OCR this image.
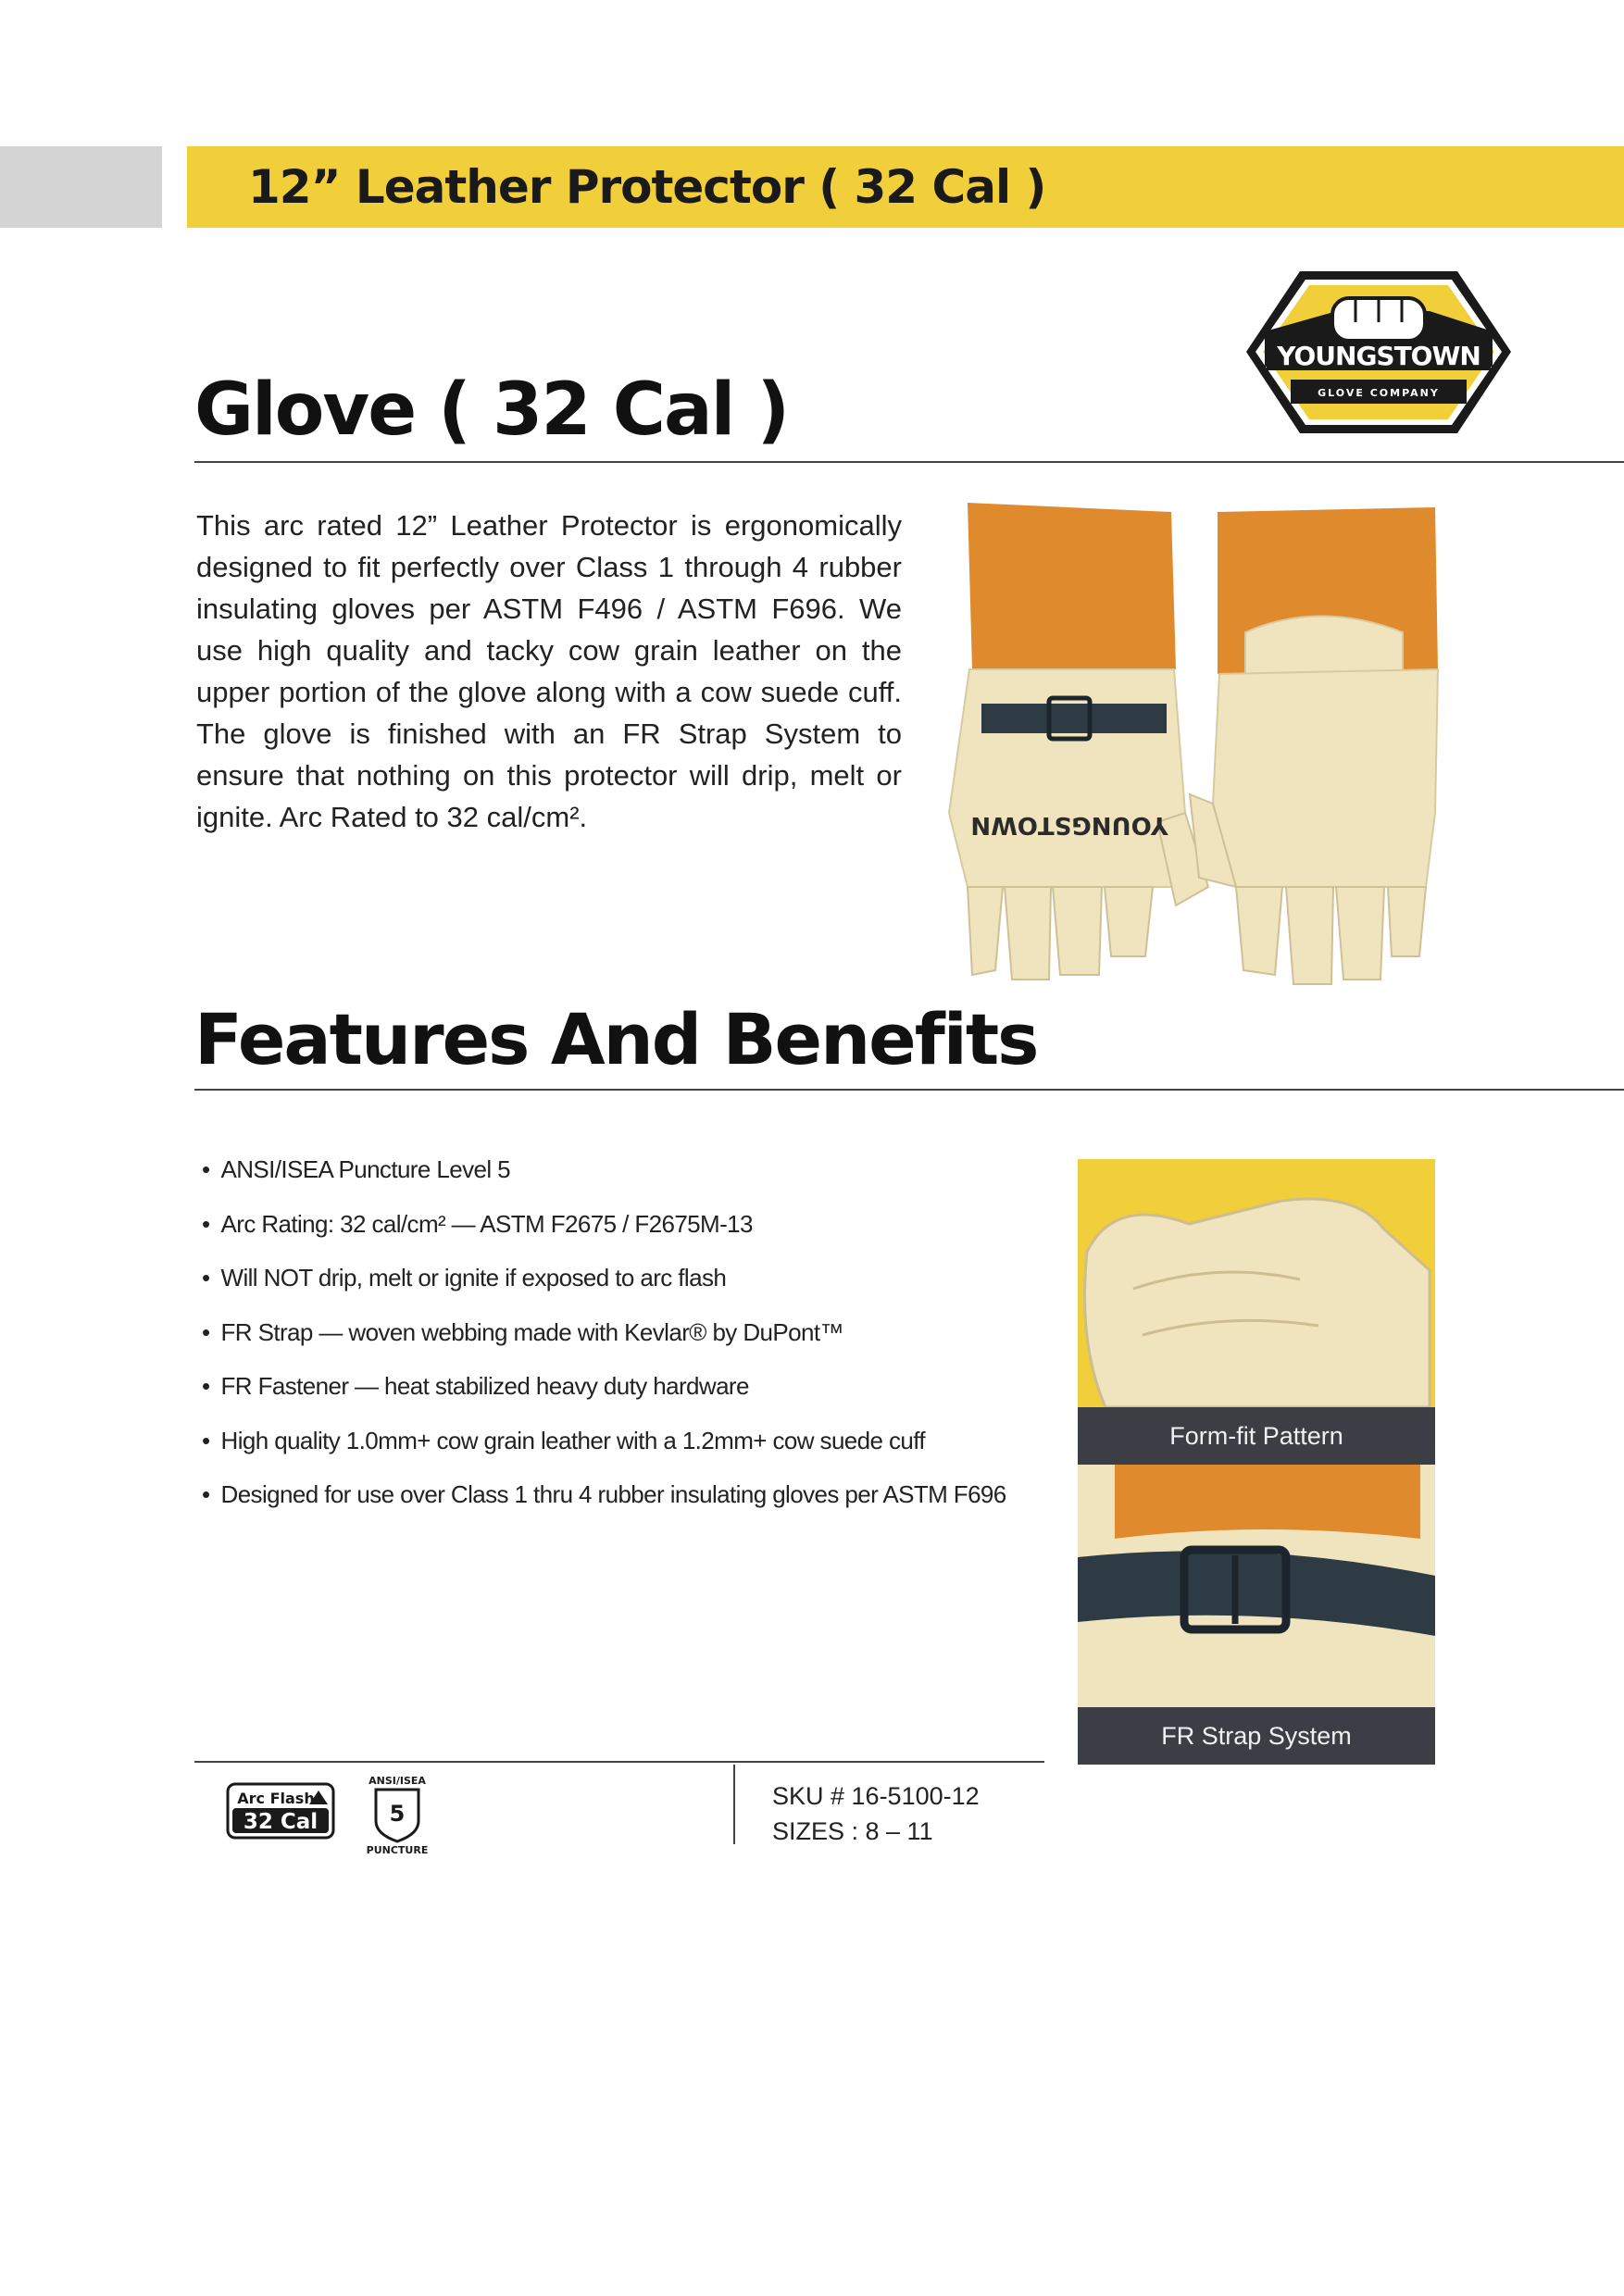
12” Leather Protector ( 32 Cal )
YOUNGSTOWN
GLOVE COMPANY
Glove ( 32 Cal )

This arc rated 12” Leather Protector is ergonomically designed to fit perfectly over Class 1 through 4 rubber insulating gloves per ASTM F496 / ASTM F696. We use high quality and tacky cow grain leather on the upper portion of the glove along with a cow suede cuff. The glove is finished with an FR Strap System to ensure that nothing on this protector will drip, melt or ignite. Arc Rated to 32 cal/cm².	YOUNGSTOWN
Features And Benefits
• ANSI/ISEA Puncture Level 5
• Arc Rating: 32 cal/cm² — ASTM F2675 / F2675M-13
• Will NOT drip, melt or ignite if exposed to arc flash
• FR Strap — woven webbing made with Kevlar® by DuPont™
• FR Fastener — heat stabilized heavy duty hardware
• High quality 1.0mm+ cow grain leather with a 1.2mm+ cow suede cuff
• Designed for use over Class 1 thru 4 rubber insulating gloves per ASTM F696
Form-fit Pattern
FR Strap System
Arc Flash
32 Cal
ANSI/ISEA
5
PUNCTURE
SKU # 16-5100-12
SIZES : 8 – 11
